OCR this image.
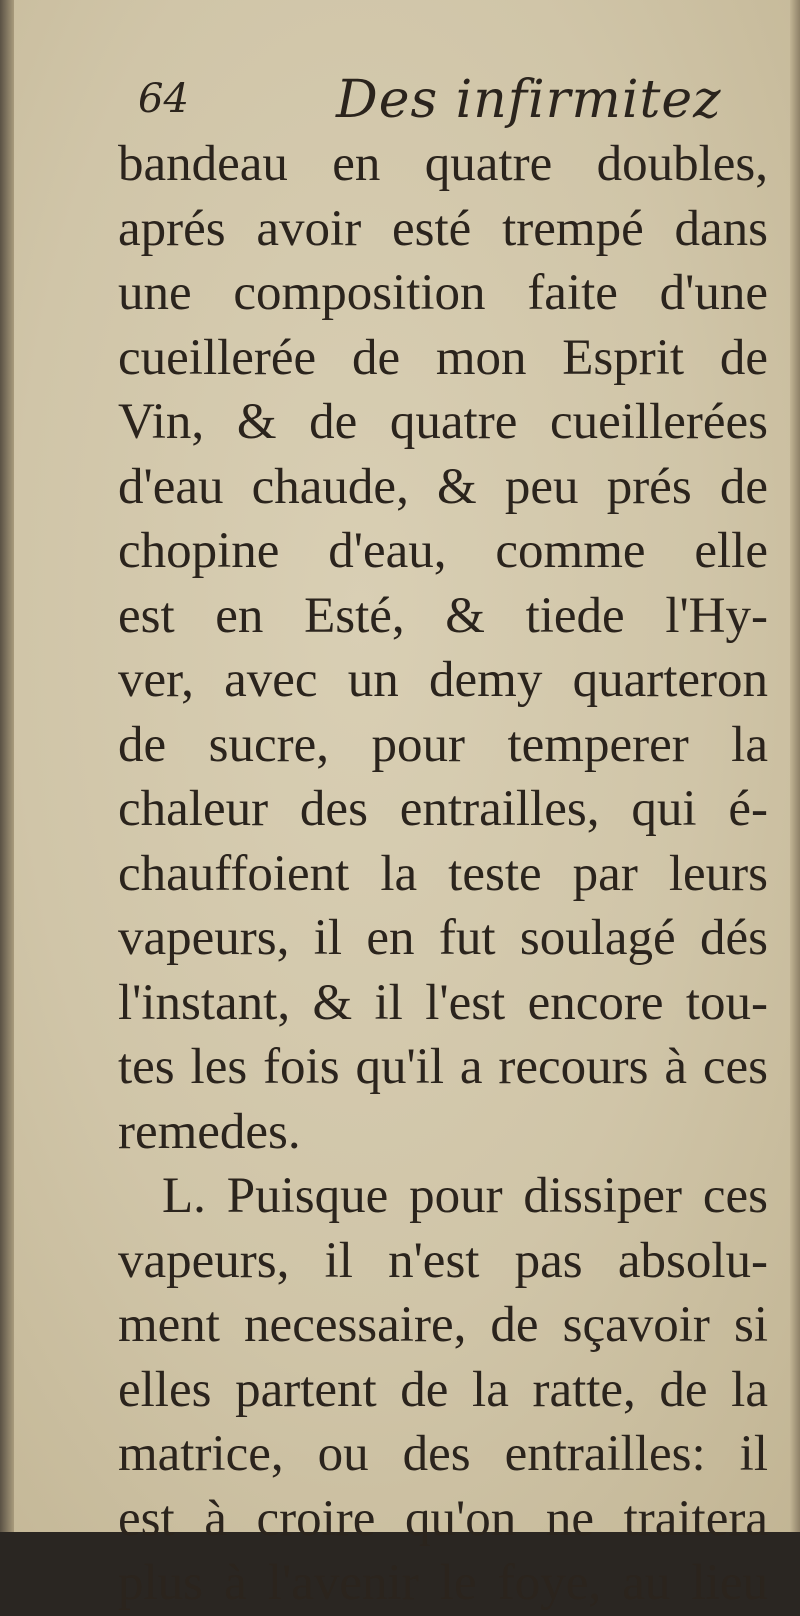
64	Des infirmitez
bandeau en quatre doubles,
aprés avoir esté trempé dans
une composition faite d'une
cueillerée de mon Esprit de
Vin, & de quatre cueillerées
d'eau chaude, & peu prés de
chopine d'eau, comme elle
est en Esté, & tiede l'Hy-
ver, avec un demy quarteron
de sucre, pour temperer la
chaleur des entrailles, qui é-
chauffoient la teste par leurs
vapeurs, il en fut soulagé dés
l'instant, & il l'est encore tou-
tes les fois qu'il a recours à ces
remedes.
L. Puisque pour dissiper ces
vapeurs, il n'est pas absolu-
ment necessaire, de sçavoir si
elles partent de la ratte, de la
matrice, ou des entrailles: il
est à croire qu'on ne traitera
plus à l'avenir le foye, au lieu
